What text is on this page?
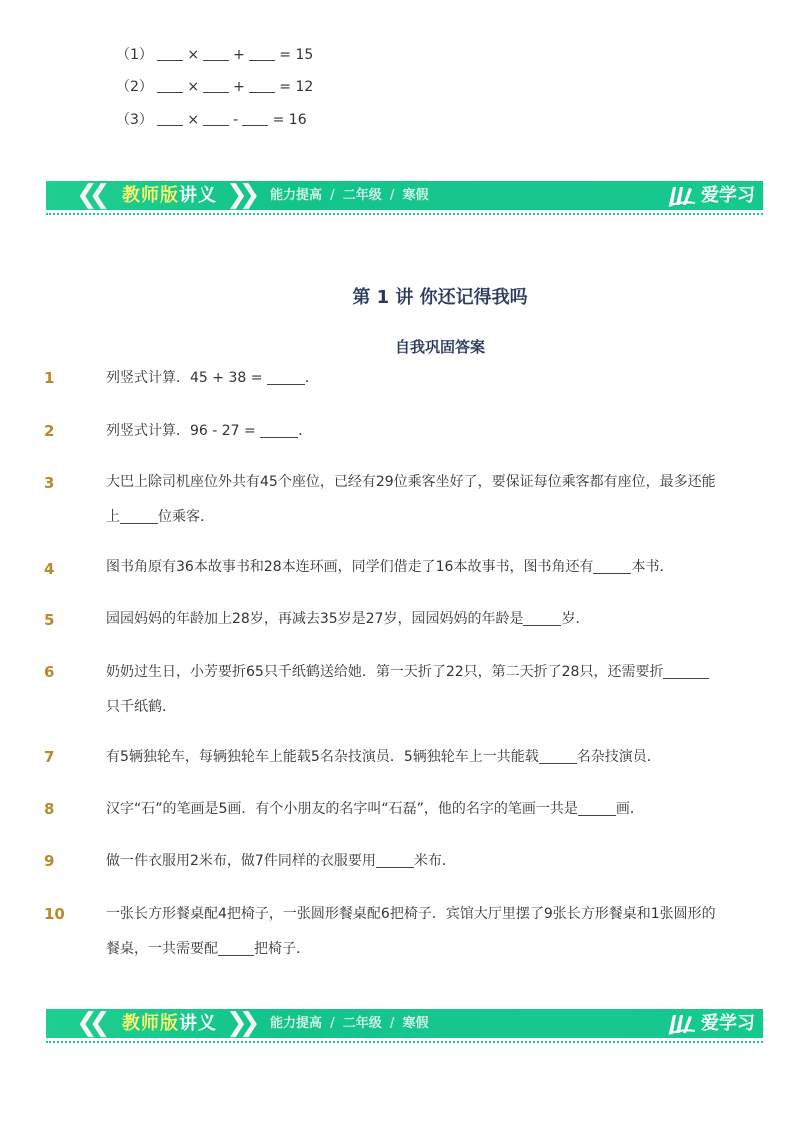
（1） × + = 15
（2） × + = 12
（3） × - = 16
❮❮ 教师版讲义 ❯❯ 能力提高 / 二年级 / 寒假	爱学习
第 1 讲 你还记得我吗
自我巩固答案
1	列竖式计算．45 + 38 =	．
2	列竖式计算．96 - 27 =	．
3	大巴上除司机座位外共有45个座位，已经有29位乘客坐好了，要保证每位乘客都有座位，最多还能上	位乘客．
4	图书角原有36本故事书和28本连环画，同学们借走了16本故事书，图书角还有	本书．
5	园园妈妈的年龄加上28岁，再减去35岁是27岁，园园妈妈的年龄是	岁．
6	奶奶过生日，小芳要折65只千纸鹤送给她．第一天折了22只，第二天折了28只，还需要折只千纸鹤．
7	有5辆独轮车，每辆独轮车上能载5名杂技演员．5辆独轮车上一共能载	名杂技演员．
8	汉字“石”的笔画是5画．有个小朋友的名字叫“石磊”，他的名字的笔画一共是	画．
9	做一件衣服用2米布，做7件同样的衣服要用	米布．
10	一张长方形餐桌配4把椅子，一张圆形餐桌配6把椅子．宾馆大厅里摆了9张长方形餐桌和1张圆形的餐桌，一共需要配	把椅子．
❮❮ 教师版讲义 ❯❯ 能力提高 / 二年级 / 寒假	爱学习
